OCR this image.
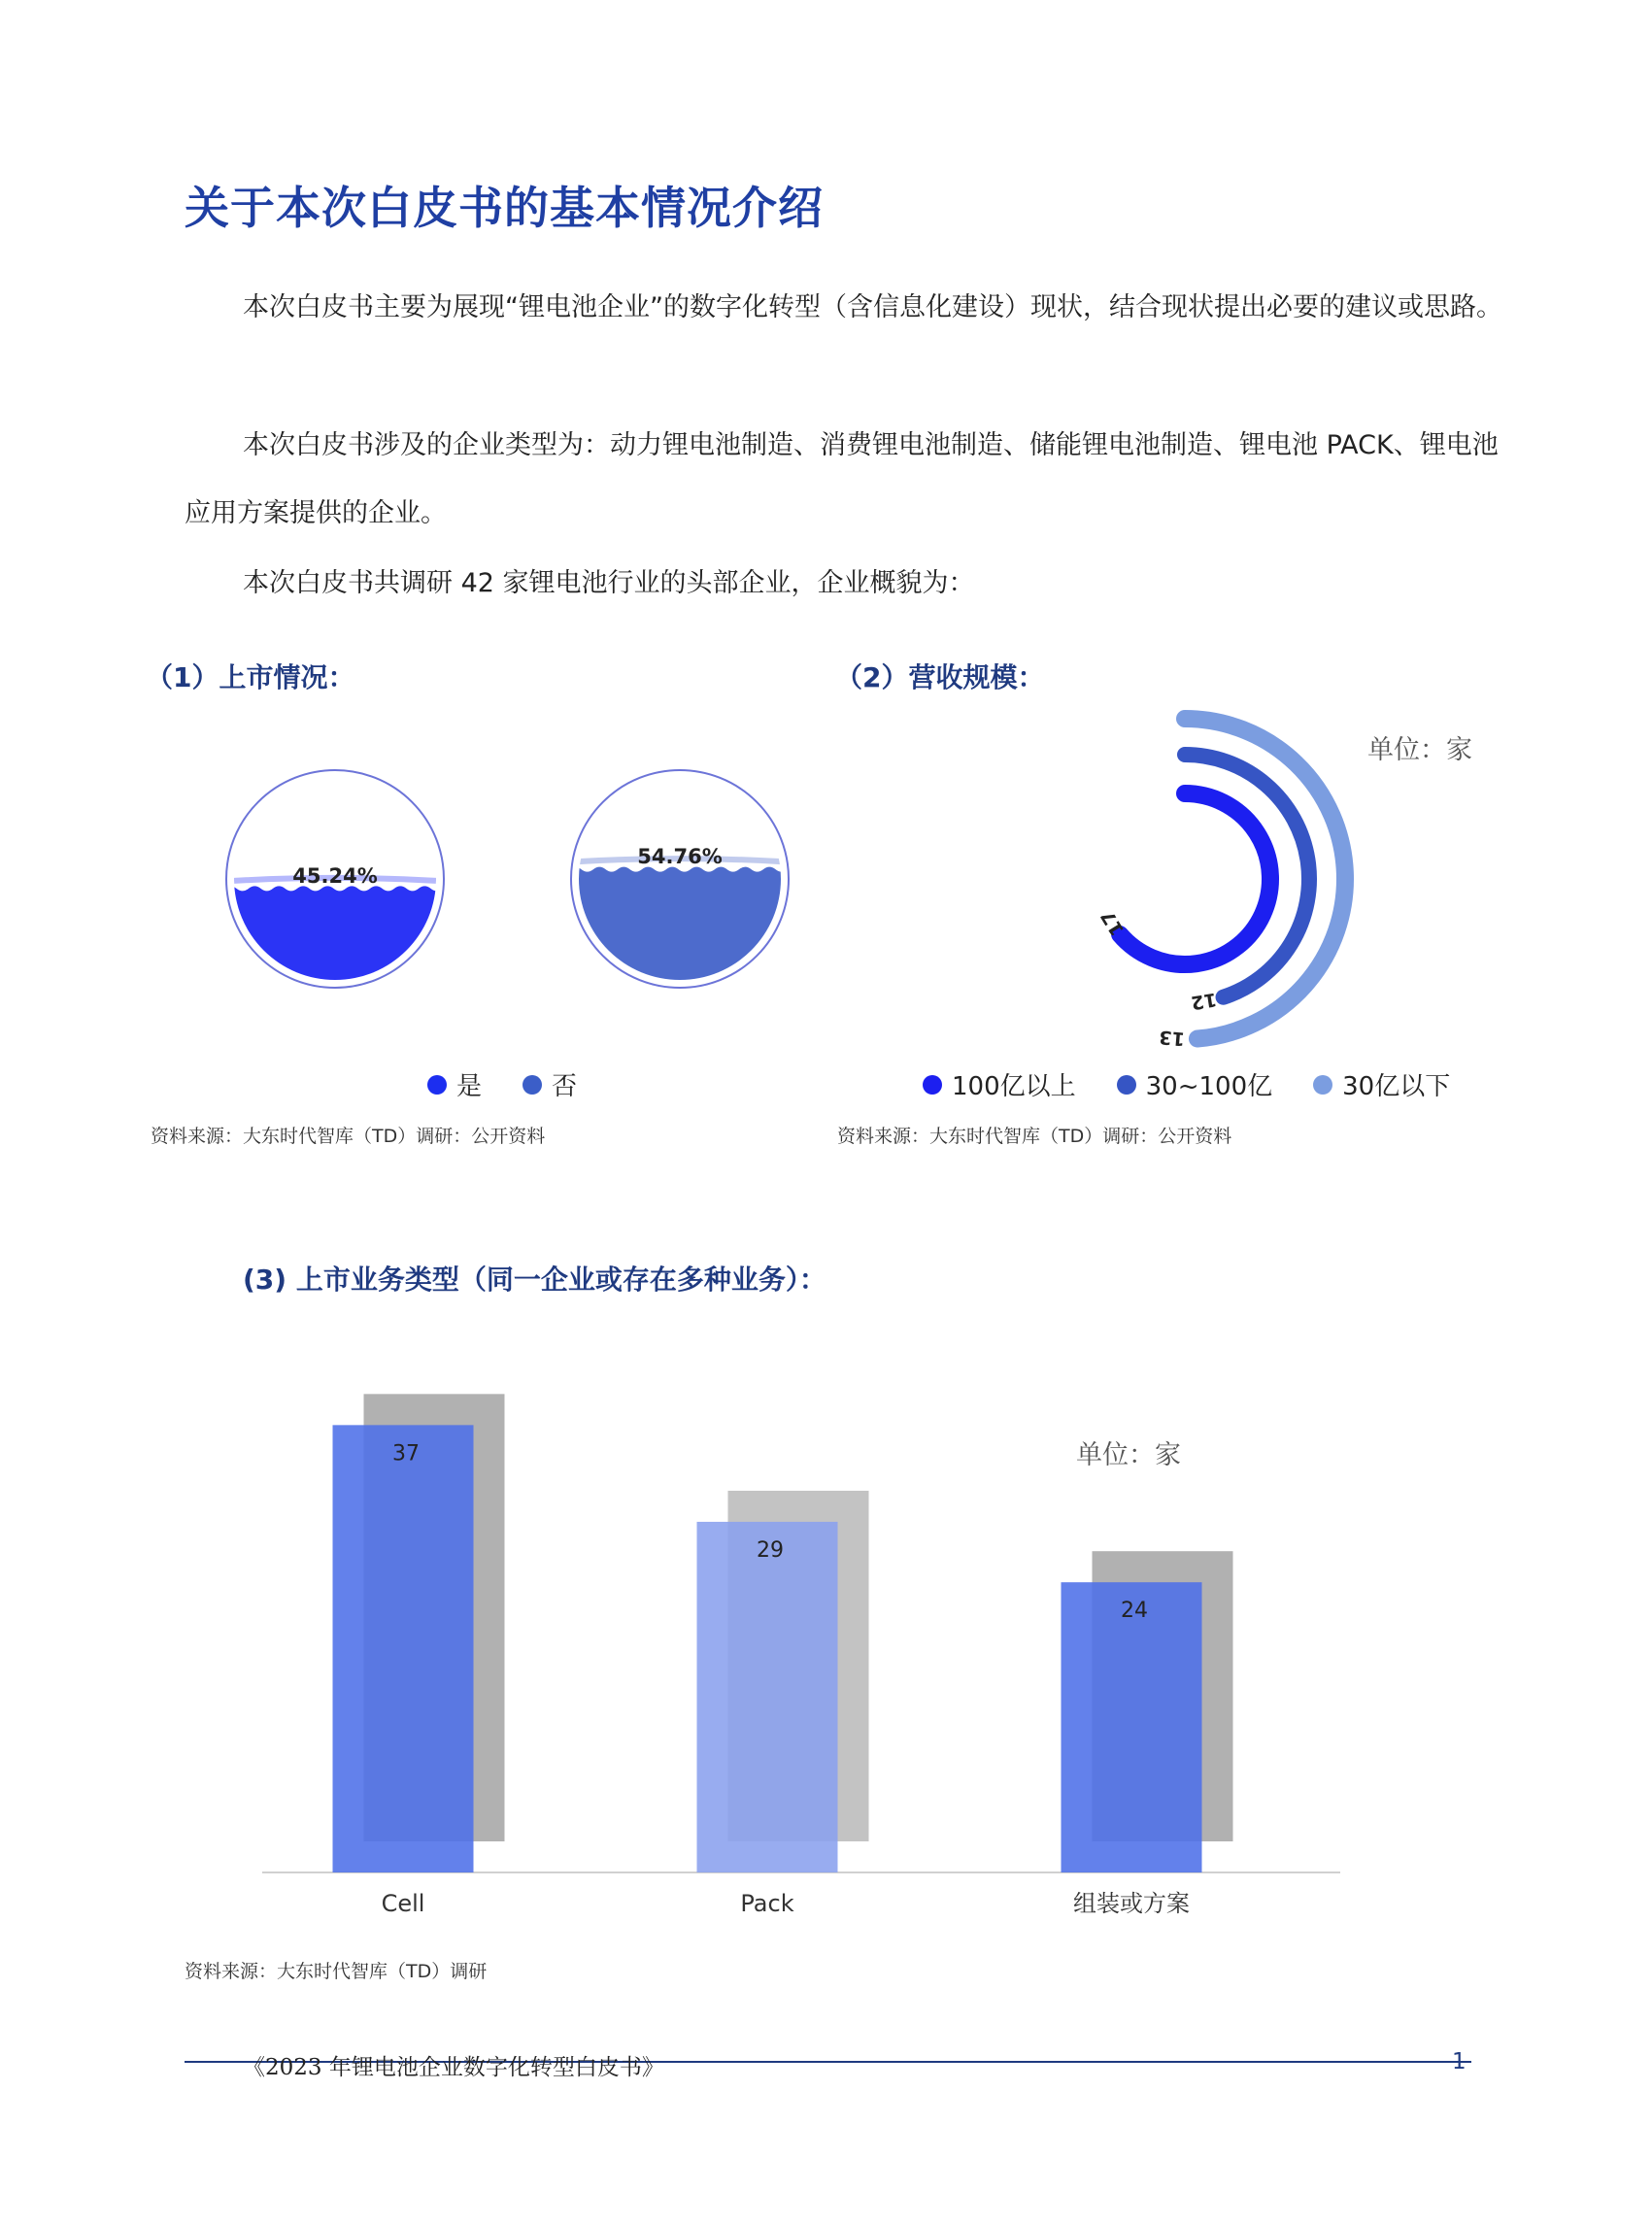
关于本次白皮书的基本情况介绍
本次白皮书主要为展现“锂电池企业”的数字化转型（含信息化建设）现状，结合现状提出必要的建议或思路。
本次白皮书涉及的企业类型为：动力锂电池制造、消费锂电池制造、储能锂电池制造、锂电池 PACK、锂电池应用方案提供的企业。
本次白皮书共调研 42 家锂电池行业的头部企业，企业概貌为：
（1）上市情况：
45.24%
54.76%
是	否
资料来源：大东时代智库（TD）调研：公开资料
（2）营收规模：
单位：家
17
12
13
100亿以上	30~100亿	30亿以下
资料来源：大东时代智库（TD）调研：公开资料
(3) 上市业务类型（同一企业或存在多种业务）：
单位：家
37
Cell
29
Pack
24
组装或方案
资料来源：大东时代智库（TD）调研
《2023 年锂电池企业数字化转型白皮书》	1
